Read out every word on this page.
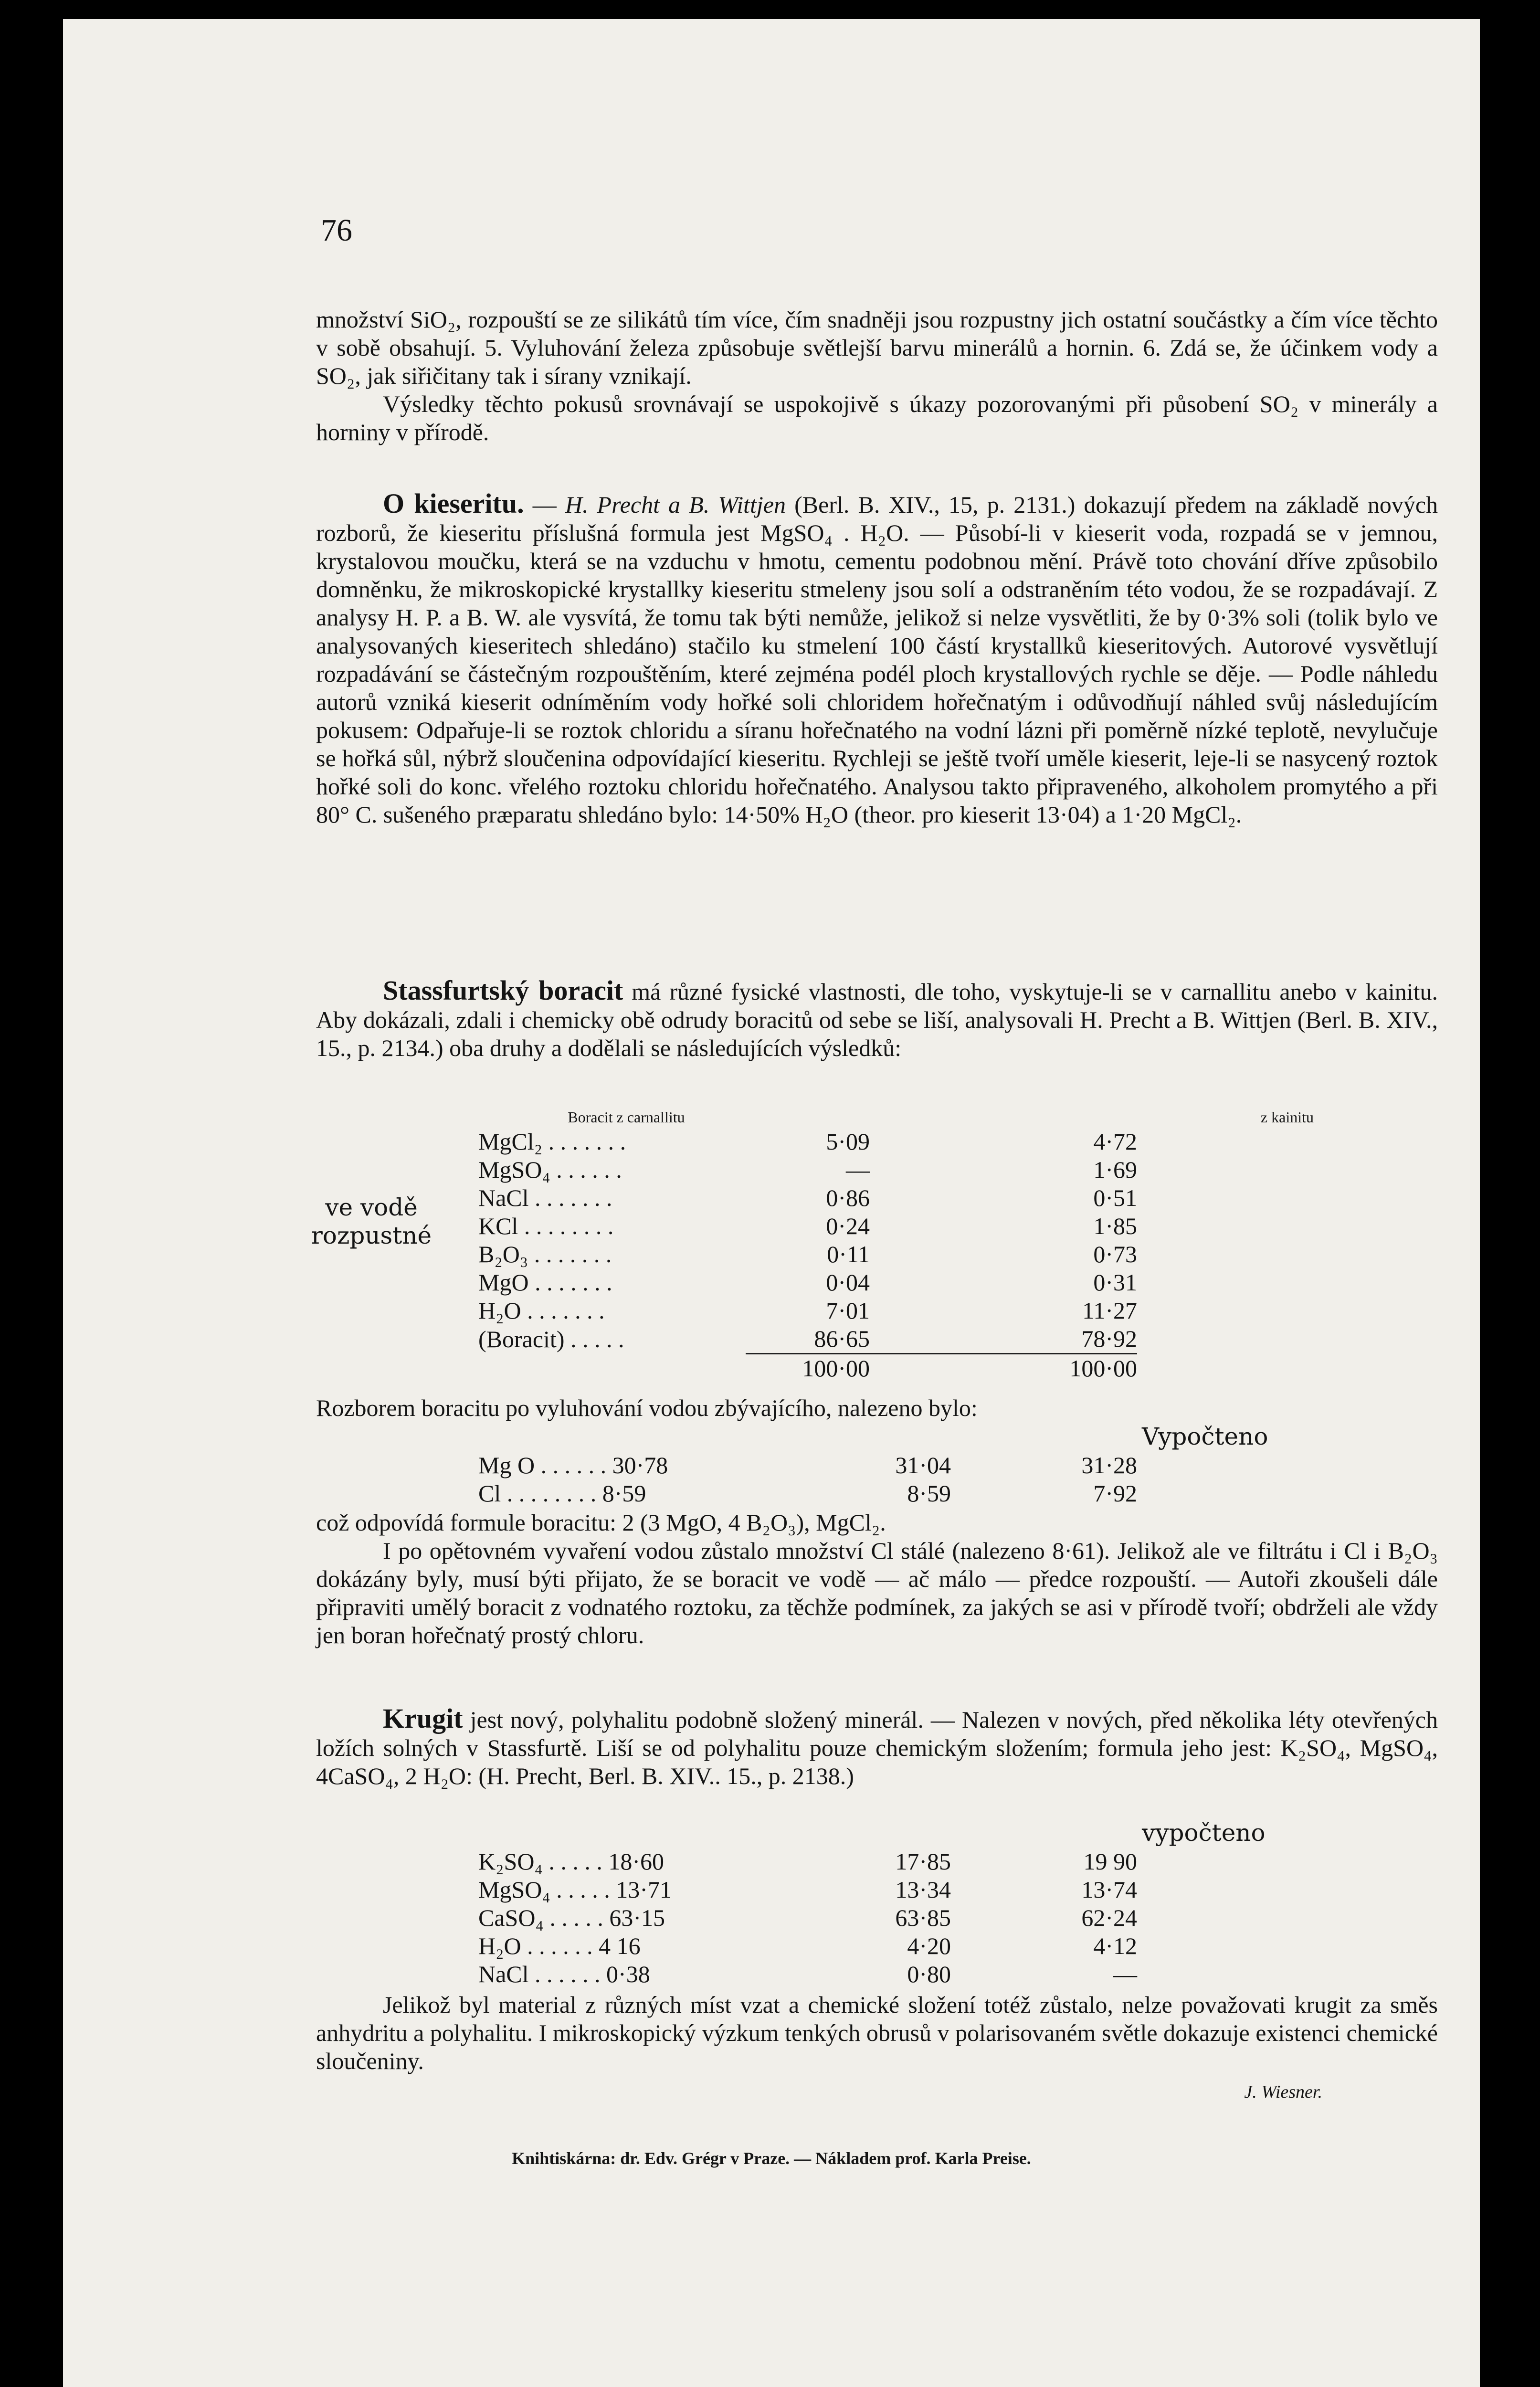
76

množství SiO₂, rozpouští se ze silikátů tím více, čím snadněji jsou rozpustny jich ostatní součástky a čím více těchto v sobě obsahují. 5. Vyluhování železa způsobuje světlejší barvu minerálů a hornin. 6. Zdá se, že účinkem vody a SO₂, jak siřičitany tak i sírany vznikají.

Výsledky těchto pokusů srovnávají se uspokojivě s úkazy pozorovanými při působení SO₂ v minerály a horniny v přírodě.

O kieseritu. — H. Precht a B. Wittjen (Berl. B. XIV., 15, p. 2131.) dokazují předem na základě nových rozborů, že kieseritu příslušná formula jest MgSO₄ . H₂O. — Působí-li v kieserit voda, rozpadá se v jemnou, krystalovou moučku, která se na vzduchu v hmotu, cementu podobnou mění. Právě toto chování dříve způsobilo domněnku, že mikroskopické krystallky kieseritu stmeleny jsou solí a odstraněním této vodou, že se rozpadávají. Z analysy H. P. a B. W. ale vysvítá, že tomu tak býti nemůže, jelikož si nelze vysvětliti, že by 0·3% soli (tolik bylo ve analysovaných kieseritech shledáno) stačilo ku stmelení 100 částí krystallků kieseritových. Autorové vysvětlují rozpadávání se částečným rozpouštěním, které zejména podél ploch krystallových rychle se děje. — Podle náhledu autorů vzniká kieserit odníměním vody hořké soli chloridem hořečnatým i odůvodňují náhled svůj následujícím pokusem: Odpařuje-li se roztok chloridu a síranu hořečnatého na vodní lázni při poměrně nízké teplotě, nevylučuje se hořká sůl, nýbrž sloučenina odpovídající kieseritu. Rychleji se ještě tvoří uměle kieserit, leje-li se nasycený roztok hořké soli do konc. vřelého roztoku chloridu hořečnatého. Analysou takto připraveného, alkoholem promytého a při 80° C. sušeného præparatu shledáno bylo: 14·50% H₂O (theor. pro kieserit 13·04) a 1·20 MgCl₂.

Stassfurtský boracit má různé fysické vlastnosti, dle toho, vyskytuje-li se v carnallitu anebo v kainitu. Aby dokázali, zdali i chemicky obě odrudy boracitů od sebe se liší, analysovali H. Precht a B. Wittjen (Berl. B. XIV., 15., p. 2134.) oba druhy a dodělali se následujících výsledků:

	Boracit z carnallitu		z kainitu
MgCl₂ . . . . . . .	5·09	4·72
MgSO₄ . . . . . .	—	1·69
NaCl . . . . . . .	0·86	0·51
KCl . . . . . . . .	0·24	1·85
B₂O₃ . . . . . . .	0·11	0·73
MgO . . . . . . .	0·04	0·31
H₂O . . . . . . .	7·01	11·27
(Boracit) . . . . .	86·65	78·92
	100·00	100·00
ve vodě
rozpustné

Rozborem boracitu po vyluhování vodou zbývajícího, nalezeno bylo:

Vypočteno
Mg O . . . . . . 30·78	31·04	31·28
Cl . . . . . . . . 8·59	8·59	7·92

což odpovídá formule boracitu: 2 (3 MgO, 4 B₂O₃), MgCl₂.

I po opětovném vyvaření vodou zůstalo množství Cl stálé (nalezeno 8·61). Jelikož ale ve filtrátu i Cl i B₂O₃ dokázány byly, musí býti přijato, že se boracit ve vodě — ač málo — předce rozpouští. — Autoři zkoušeli dále připraviti umělý boracit z vodnatého roztoku, za těchže podmínek, za jakých se asi v přírodě tvoří; obdrželi ale vždy jen boran hořečnatý prostý chloru.

Krugit jest nový, polyhalitu podobně složený minerál. — Nalezen v nových, před několika léty otevřených ložích solných v Stassfurtě. Liší se od polyhalitu pouze chemickým složením; formula jeho jest: K₂SO₄, MgSO₄, 4CaSO₄, 2 H₂O: (H. Precht, Berl. B. XIV.. 15., p. 2138.)

vypočteno
K₂SO₄ . . . . . 18·60	17·85	19 90
MgSO₄ . . . . . 13·71	13·34	13·74
CaSO₄ . . . . . 63·15	63·85	62·24
H₂O . . . . . . 4 16	4·20	4·12
NaCl . . . . . . 0·38	0·80	—

Jelikož byl material z různých míst vzat a chemické složení totéž zůstalo, nelze považovati krugit za směs anhydritu a polyhalitu. I mikroskopický výzkum tenkých obrusů v polarisovaném světle dokazuje existenci chemické sloučeniny.

J. Wiesner.
Knihtiskárna: dr. Edv. Grégr v Praze. — Nákladem prof. Karla Preise.
